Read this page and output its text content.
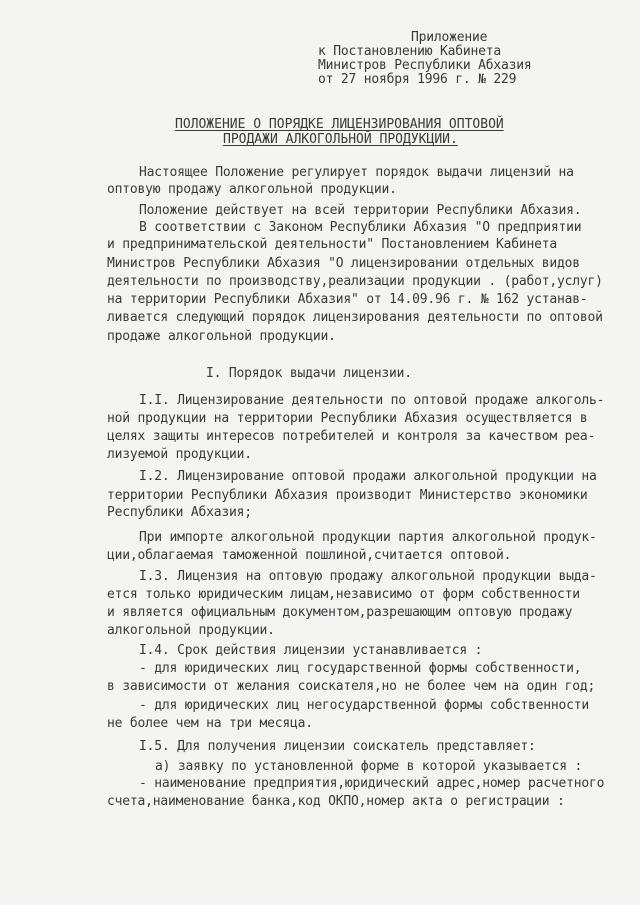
Приложение
к Постановлению Кабинета
Министров Республики Абхазия
от 27 ноября 1996 г. № 229
ПОЛОЖЕНИЕ О ПОРЯДКЕ ЛИЦЕНЗИРОВАНИЯ ОПТОВОЙ
ПРОДАЖИ АЛКОГОЛЬНОЙ ПРОДУКЦИИ.
Настоящее Положение регулирует порядок выдачи лицензий на
оптовую продажу алкогольной продукции.
Положение действует на всей территории Республики Абхазия.
В соответствии с Законом Республики Абхазия "О предприятии
и предпринимательской деятельности" Постановлением Кабинета
Министров Республики Абхазия "О лицензировании отдельных видов
деятельности по производству,реализации продукции . (работ,услуг)
на территории Республики Абхазия" от 14.09.96 г. № 162 устанав-
ливается следующий порядок лицензирования деятельности по оптовой
продаже алкогольной продукции.
I. Порядок выдачи лицензии.
I.I. Лицензирование деятельности по оптовой продаже алкоголь-
ной продукции на территории Республики Абхазия осуществляется в
целях защиты интересов потребителей и контроля за качеством реа-
лизуемой продукции.
I.2. Лицензирование оптовой продажи алкогольной продукции на
территории Республики Абхазия производит Министерство экономики
Республики Абхазия;
При импорте алкогольной продукции партия алкогольной продук-
ции,облагаемая таможенной пошлиной,считается оптовой.
I.3. Лицензия на оптовую продажу алкогольной продукции выда-
ется только юридическим лицам,независимо от форм собственности
и является официальным документом,разрешающим оптовую продажу
алкогольной продукции.
I.4. Срок действия лицензии устанавливается :
- для юридических лиц государственной формы собственности,
в зависимости от желания соискателя,но не более чем на один год;
- для юридических лиц негосударственной формы собственности
не более чем на три месяца.
I.5. Для получения лицензии соискатель представляет:
а) заявку по установленной форме в которой указывается :
- наименование предприятия,юридический адрес,номер расчетного
счета,наименование банка,код ОКПО,номер акта о регистрации :
